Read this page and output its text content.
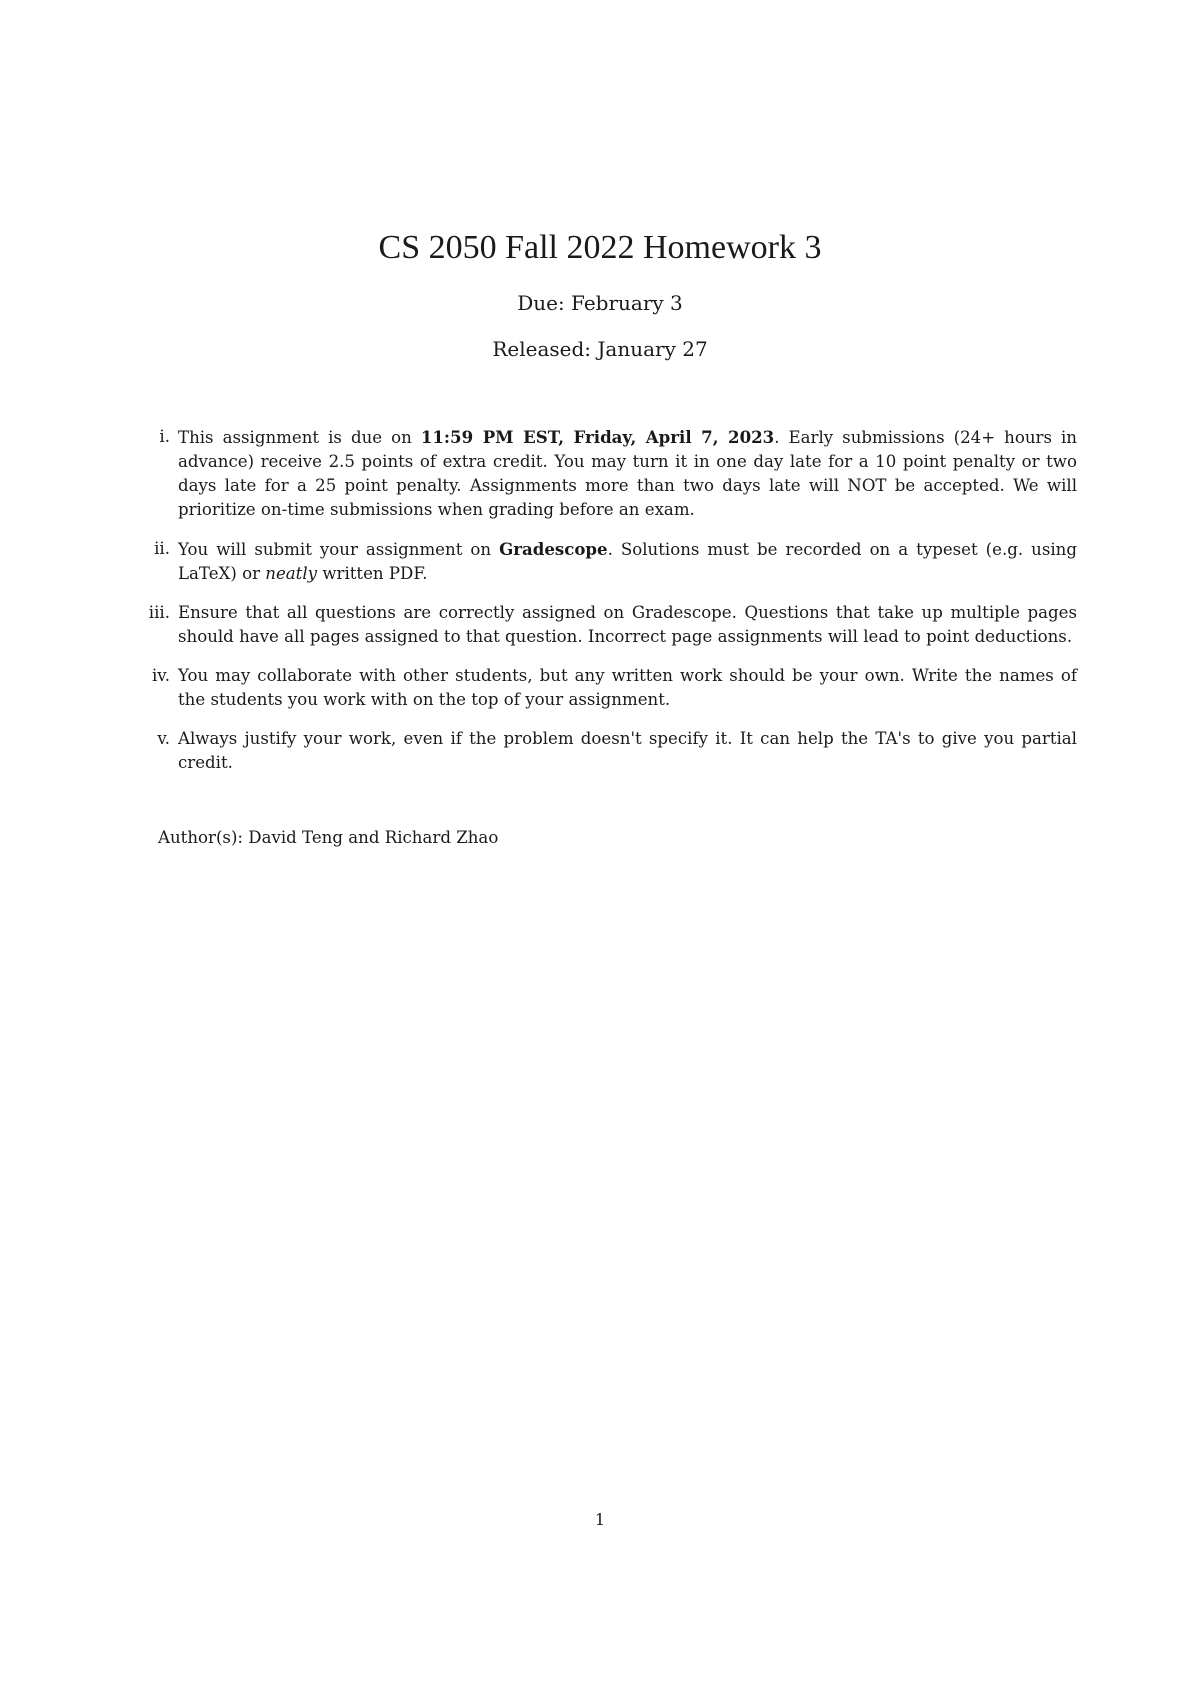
CS 2050 Fall 2022 Homework 3
Due: February 3
Released: January 27
i. This assignment is due on 11:59 PM EST, Friday, April 7, 2023. Early submissions (24+ hours in advance) receive 2.5 points of extra credit. You may turn it in one day late for a 10 point penalty or two days late for a 25 point penalty. Assignments more than two days late will NOT be accepted. We will prioritize on-time submissions when grading before an exam.
ii. You will submit your assignment on Gradescope. Solutions must be recorded on a typeset (e.g. using LaTeX) or neatly written PDF.
iii. Ensure that all questions are correctly assigned on Gradescope. Questions that take up multiple pages should have all pages assigned to that question. Incorrect page assignments will lead to point deductions.
iv. You may collaborate with other students, but any written work should be your own. Write the names of the students you work with on the top of your assignment.
v. Always justify your work, even if the problem doesn't specify it. It can help the TA's to give you partial credit.
Author(s): David Teng and Richard Zhao
1
